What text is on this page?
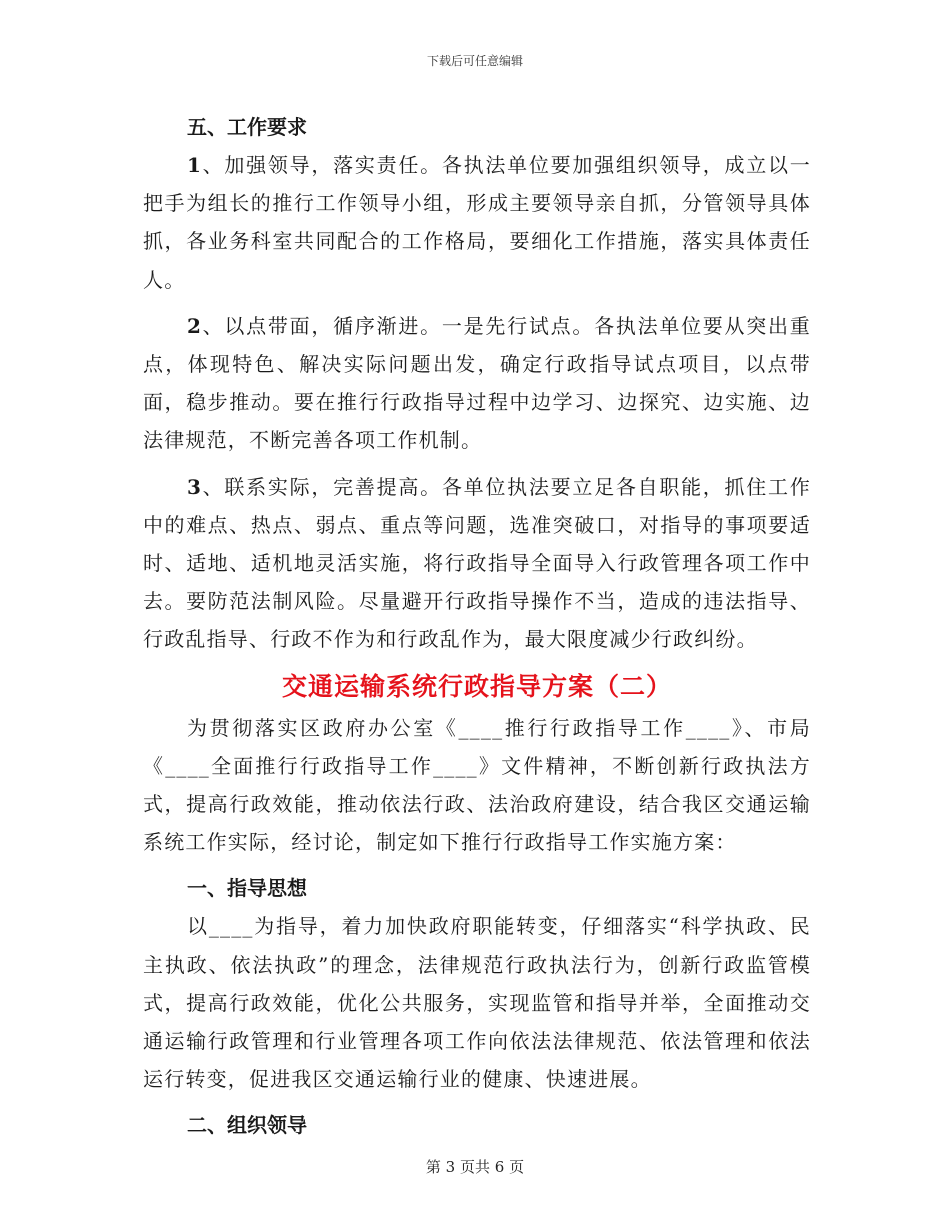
下载后可任意编辑

五、工作要求

1、加强领导，落实责任。各执法单位要加强组织领导，成立以一把手为组长的推行工作领导小组，形成主要领导亲自抓，分管领导具体抓，各业务科室共同配合的工作格局，要细化工作措施，落实具体责任人。

2、以点带面，循序渐进。一是先行试点。各执法单位要从突出重点，体现特色、解决实际问题出发，确定行政指导试点项目，以点带面，稳步推动。要在推行行政指导过程中边学习、边探究、边实施、边法律规范，不断完善各项工作机制。

3、联系实际，完善提高。各单位执法要立足各自职能，抓住工作中的难点、热点、弱点、重点等问题，选准突破口，对指导的事项要适时、适地、适机地灵活实施，将行政指导全面导入行政管理各项工作中去。要防范法制风险。尽量避开行政指导操作不当，造成的违法指导、行政乱指导、行政不作为和行政乱作为，最大限度减少行政纠纷。

交通运输系统行政指导方案（二）

为贯彻落实区政府办公室《____推行行政指导工作____》、市局《____全面推行行政指导工作____》文件精神，不断创新行政执法方式，提高行政效能，推动依法行政、法治政府建设，结合我区交通运输系统工作实际，经讨论，制定如下推行行政指导工作实施方案：

一、指导思想

以____为指导，着力加快政府职能转变，仔细落实“科学执政、民主执政、依法执政”的理念，法律规范行政执法行为，创新行政监管模式，提高行政效能，优化公共服务，实现监管和指导并举，全面推动交通运输行政管理和行业管理各项工作向依法法律规范、依法管理和依法运行转变，促进我区交通运输行业的健康、快速进展。

二、组织领导

第 3 页共 6 页
